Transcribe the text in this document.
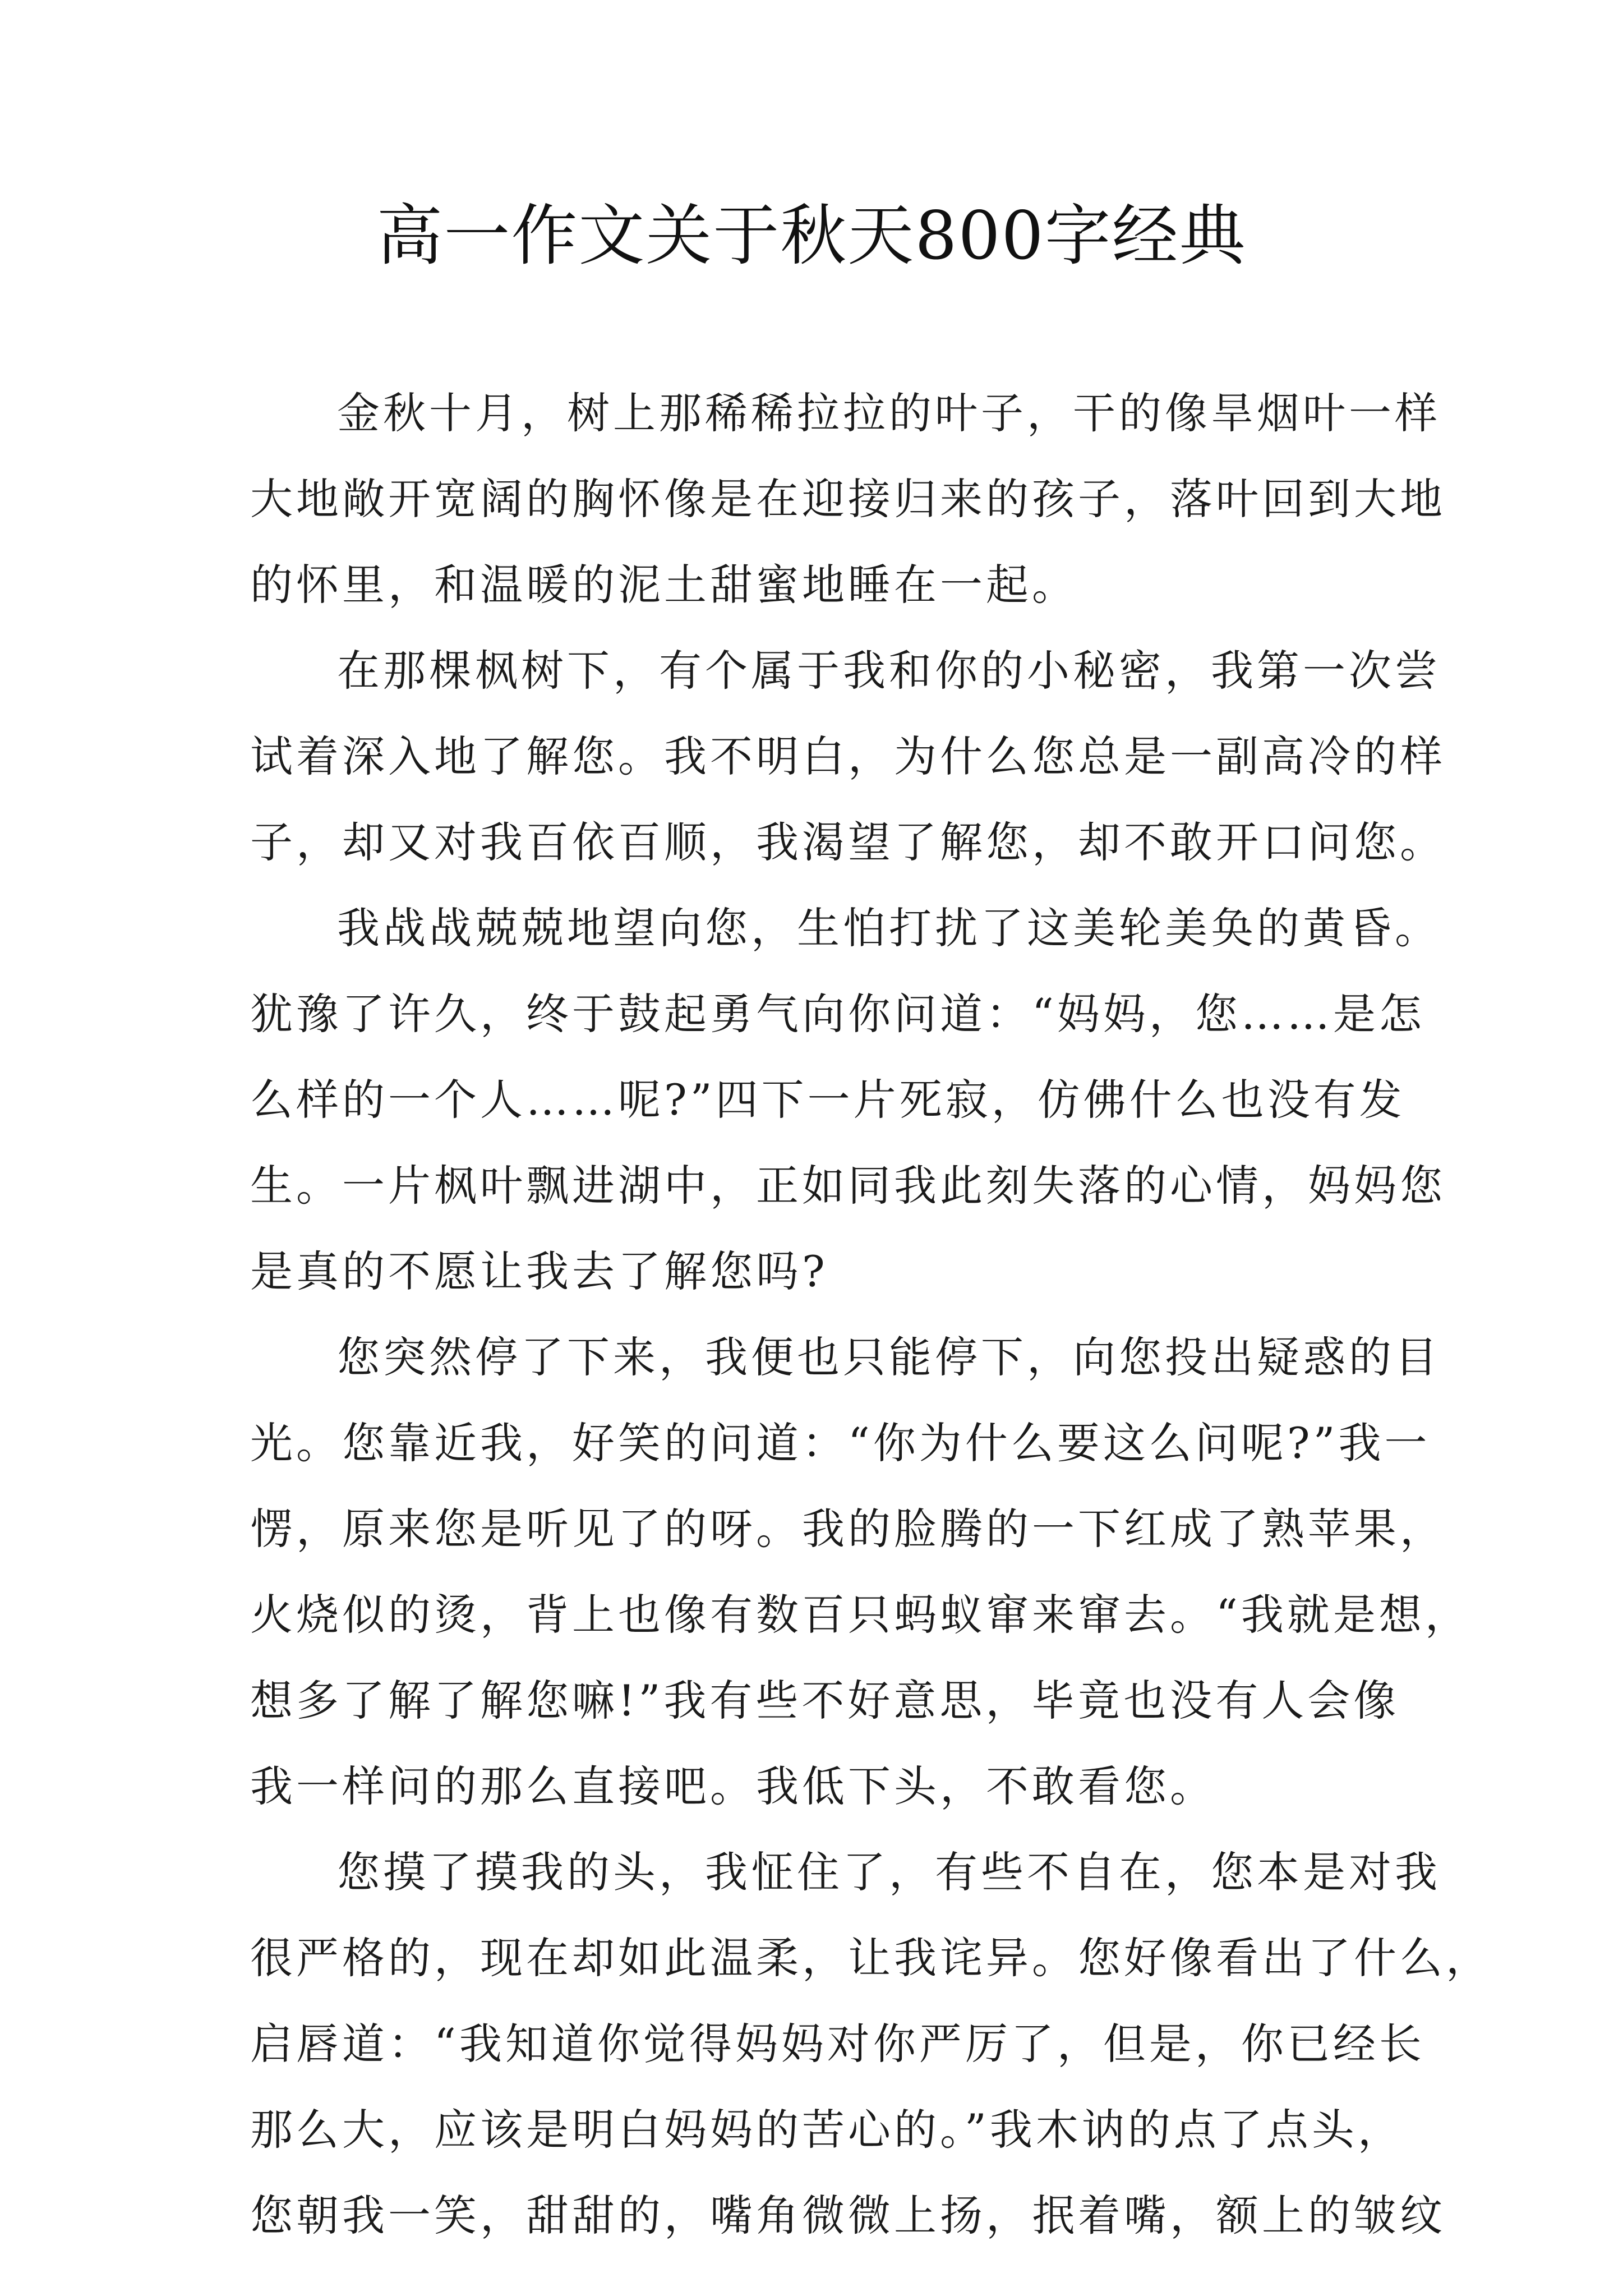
高一作文关于秋天800字经典
金秋十月，树上那稀稀拉拉的叶子，干的像旱烟叶一样
大地敞开宽阔的胸怀像是在迎接归来的孩子，落叶回到大地
的怀里，和温暖的泥土甜蜜地睡在一起。
在那棵枫树下，有个属于我和你的小秘密，我第一次尝
试着深入地了解您。我不明白，为什么您总是一副高冷的样
子，却又对我百依百顺，我渴望了解您，却不敢开口问您。
我战战兢兢地望向您，生怕打扰了这美轮美奂的黄昏。
犹豫了许久，终于鼓起勇气向你问道：“妈妈，您……是怎
么样的一个人……呢?”四下一片死寂，仿佛什么也没有发
生。一片枫叶飘进湖中，正如同我此刻失落的心情，妈妈您
是真的不愿让我去了解您吗?
您突然停了下来，我便也只能停下，向您投出疑惑的目
光。您靠近我，好笑的问道：“你为什么要这么问呢?”我一
愣，原来您是听见了的呀。我的脸腾的一下红成了熟苹果，
火烧似的烫，背上也像有数百只蚂蚁窜来窜去。“我就是想，
想多了解了解您嘛!”我有些不好意思，毕竟也没有人会像
我一样问的那么直接吧。我低下头，不敢看您。
您摸了摸我的头，我怔住了，有些不自在，您本是对我
很严格的，现在却如此温柔，让我诧异。您好像看出了什么，
启唇道：“我知道你觉得妈妈对你严厉了，但是，你已经长
那么大，应该是明白妈妈的苦心的。”我木讷的点了点头，
您朝我一笑，甜甜的，嘴角微微上扬，抿着嘴，额上的皱纹
